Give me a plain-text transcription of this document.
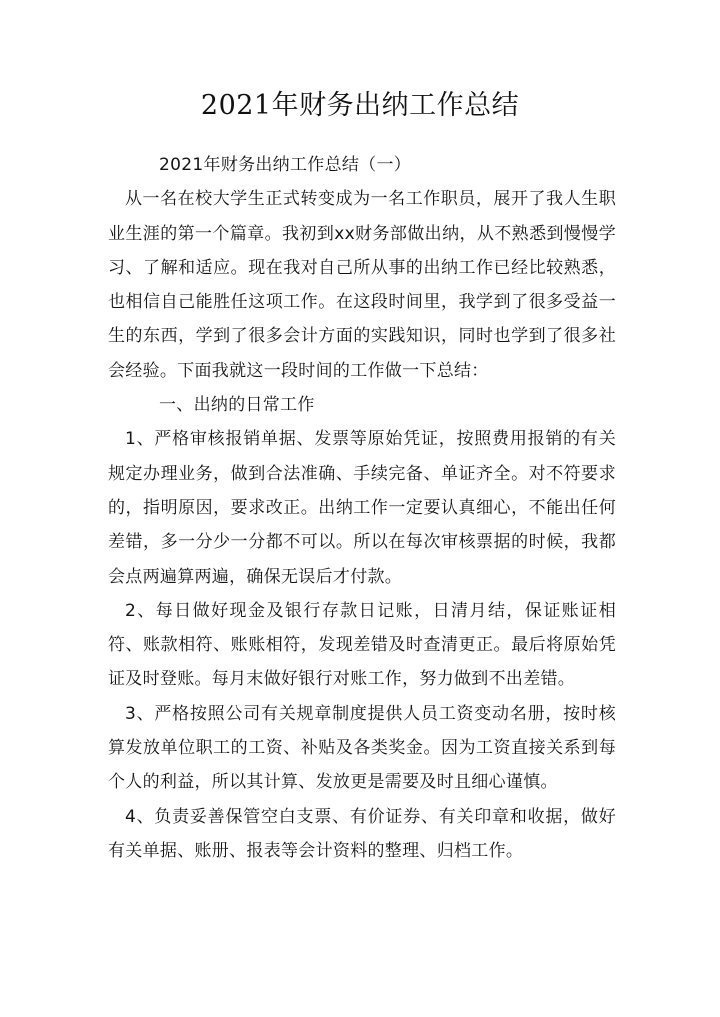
2021年财务出纳工作总结

2021年财务出纳工作总结（一）

从一名在校大学生正式转变成为一名工作职员，展开了我人生职业生涯的第一个篇章。我初到xx财务部做出纳，从不熟悉到慢慢学习、了解和适应。现在我对自己所从事的出纳工作已经比较熟悉，也相信自己能胜任这项工作。在这段时间里，我学到了很多受益一生的东西，学到了很多会计方面的实践知识，同时也学到了很多社会经验。下面我就这一段时间的工作做一下总结：

一、出纳的日常工作

1、严格审核报销单据、发票等原始凭证，按照费用报销的有关规定办理业务，做到合法准确、手续完备、单证齐全。对不符要求的，指明原因，要求改正。出纳工作一定要认真细心，不能出任何差错，多一分少一分都不可以。所以在每次审核票据的时候，我都会点两遍算两遍，确保无误后才付款。

2、每日做好现金及银行存款日记账，日清月结，保证账证相符、账款相符、账账相符，发现差错及时查清更正。最后将原始凭证及时登账。每月末做好银行对账工作，努力做到不出差错。

3、严格按照公司有关规章制度提供人员工资变动名册，按时核算发放单位职工的工资、补贴及各类奖金。因为工资直接关系到每个人的利益，所以其计算、发放更是需要及时且细心谨慎。

4、负责妥善保管空白支票、有价证券、有关印章和收据，做好有关单据、账册、报表等会计资料的整理、归档工作。
